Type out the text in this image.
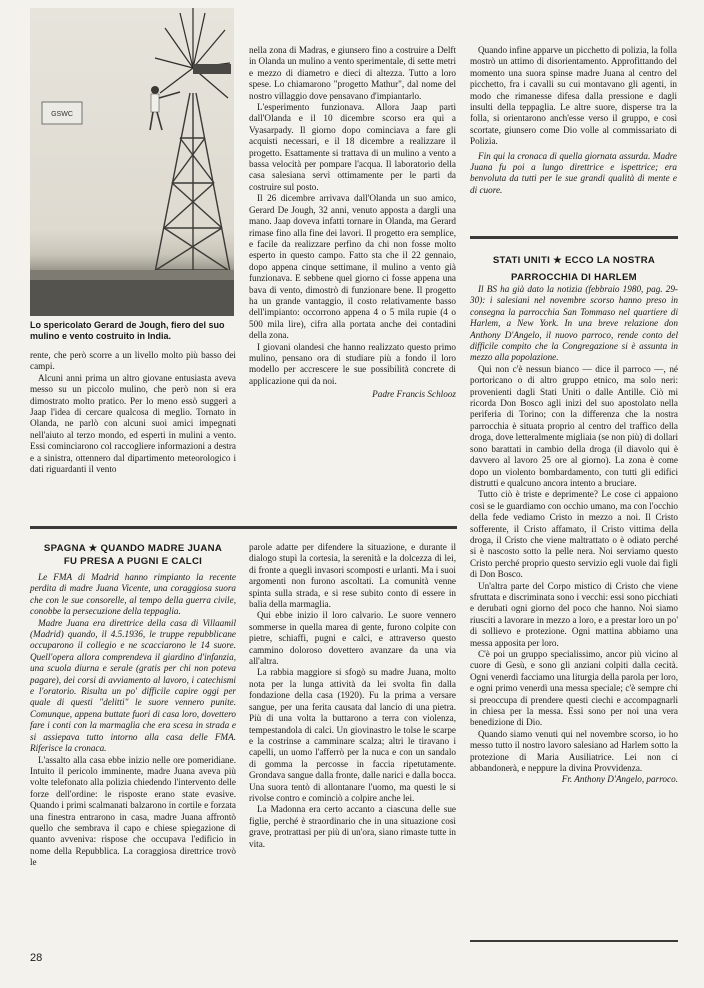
GSWC
Lo spericolato Gerard de Jough, fiero del suo mulino e vento costruito in India.

rente, che però scorre a un livello molto più basso dei campi.

Alcuni anni prima un altro giovane entusiasta aveva messo su un piccolo mulino, che però non si era dimostrato molto pratico. Per lo meno essò suggerì a Jaap l'idea di cercare qualcosa di meglio. Tornato in Olanda, ne parlò con alcuni suoi amici impegnati nell'aiuto al terzo mondo, ed esperti in mulini a vento. Essi cominciarono col raccogliere informazioni a destra e a sinistra, ottennero dal dipartimento meteorologico i dati riguardanti il vento

nella zona di Madras, e giunsero fino a costruire a Delft in Olanda un mulino a vento sperimentale, di sette metri e mezzo di diametro e dieci di altezza. Tutto a loro spese. Lo chiamarono "progetto Mathur", dal nome del nostro villaggio dove pensavano d'impiantarlo.

L'esperimento funzionava. Allora Jaap partì dall'Olanda e il 10 dicembre scorso era qui a Vyasarpady. Il giorno dopo cominciava a fare gli acquisti necessari, e il 18 dicembre a realizzare il progetto. Esattamente si trattava di un mulino a vento a bassa velocità per pompare l'acqua. Il laboratorio della casa salesiana servì ottimamente per le parti da costruire sul posto.

Il 26 dicembre arrivava dall'Olanda un suo amico, Gerard De Jough, 32 anni, venuto apposta a dargli una mano. Jaap doveva infatti tornare in Olanda, ma Gerard rimase fino alla fine dei lavori. Il progetto era semplice, e facile da realizzare perfino da chi non fosse molto esperto in questo campo. Fatto sta che il 22 gennaio, dopo appena cinque settimane, il mulino a vento già funzionava. E sebbene quel giorno ci fosse appena una bava di vento, dimostrò di funzionare bene. Il progetto ha un grande vantaggio, il costo relativamente basso dell'impianto: occorrono appena 4 o 5 mila rupie (4 o 500 mila lire), cifra alla portata anche dei contadini della zona.

I giovani olandesi che hanno realizzato questo primo mulino, pensano ora di studiare più a fondo il loro modello per accrescere le sue possibilità concrete di applicazione qui da noi.

Padre Francis Schlooz

Quando infine apparve un picchetto di polizia, la folla mostrò un attimo di disorientamento. Approfittando del momento una suora spinse madre Juana al centro del picchetto, fra i cavalli su cui montavano gli agenti, in modo che rimanesse difesa dalla pressione e dagli insulti della teppaglia. Le altre suore, disperse tra la folla, si orientarono anch'esse verso il gruppo, e così scortate, giunsero come Dio volle al commissariato di Polizia.

Fin qui la cronaca di quella giornata assurda. Madre Juana fu poi a lungo direttrice e ispettrice; era benvoluta da tutti per le sue grandi qualità di mente e di cuore.

SPAGNA ★ QUANDO MADRE JUANA
FU PRESA A PUGNI E CALCI

Le FMA di Madrid hanno rimpianto la recente perdita di madre Juana Vicente, una coraggiosa suora che con le sue consorelle, al tempo della guerra civile, conobbe la persecuzione della teppaglia.

Madre Juana era direttrice della casa di Villaamil (Madrid) quando, il 4.5.1936, le truppe repubblicane occuparono il collegio e ne scacciarono le 14 suore. Quell'opera allora comprendeva il giardino d'infanzia, una scuola diurna e serale (gratis per chi non poteva pagare), dei corsi di avviamento al lavoro, i catechismi e l'oratorio. Risulta un po' difficile capire oggi per quale di questi "delitti" le suore vennero punite. Comunque, appena buttate fuori di casa loro, dovettero fare i conti con la marmaglia che era scesa in strada e si assiepava tutto intorno alla casa delle FMA. Riferisce la cronaca.

L'assalto alla casa ebbe inizio nelle ore pomeridiane. Intuito il pericolo imminente, madre Juana aveva più volte telefonato alla polizia chiedendo l'intervento delle forze dell'ordine: le risposte erano state evasive. Quando i primi scalmanati balzarono in cortile e forzata una finestra entrarono in casa, madre Juana affrontò quello che sembrava il capo e chiese spiegazione di quanto avveniva: rispose che occupava l'edificio in nome della Repubblica. La coraggiosa direttrice trovò le

parole adatte per difendere la situazione, e durante il dialogo stupì la cortesia, la serenità e la dolcezza di lei, di fronte a quegli invasori scomposti e urlanti. Ma i suoi argomenti non furono ascoltati. La comunità venne spinta sulla strada, e si rese subito conto di essere in balìa della marmaglia.

Qui ebbe inizio il loro calvario. Le suore vennero sommerse in quella marea di gente, furono colpite con pietre, schiaffi, pugni e calci, e attraverso questo cammino doloroso dovettero avanzare da una via all'altra.

La rabbia maggiore si sfogò su madre Juana, molto nota per la lunga attività da lei svolta fin dalla fondazione della casa (1920). Fu la prima a versare sangue, per una ferita causata dal lancio di una pietra. Più di una volta la buttarono a terra con violenza, tempestandola di calci. Un giovinastro le tolse le scarpe e la costrinse a camminare scalza; altri le tiravano i capelli, un uomo l'afferrò per la nuca e con un sandalo di gomma la percosse in faccia ripetutamente. Grondava sangue dalla fronte, dalle narici e dalla bocca. Una suora tentò di allontanare l'uomo, ma questi le si rivolse contro e cominciò a colpire anche lei.

La Madonna era certo accanto a ciascuna delle sue figlie, perché è straordinario che in una situazione così grave, protrattasi per più di un'ora, siano rimaste tutte in vita.

STATI UNITI ★ ECCO LA NOSTRA
PARROCCHIA DI HARLEM

Il BS ha già dato la notizia (febbraio 1980, pag. 29-30): i salesiani nel novembre scorso hanno preso in consegna la parrocchia San Tommaso nel quartiere di Harlem, a New York. In una breve relazione don Anthony D'Angelo, il nuovo parroco, rende conto del difficile compito che la Congregazione si è assunta in mezzo alla popolazione.

Qui non c'è nessun bianco — dice il parroco —, né portoricano o di altro gruppo etnico, ma solo neri: provenienti dagli Stati Uniti o dalle Antille. Ciò mi ricorda Don Bosco agli inizi del suo apostolato nella periferia di Torino; con la differenza che la nostra parrocchia è situata proprio al centro del traffico della droga, dove letteralmente migliaia (se non più) di dollari sono barattati in cambio della droga (il diavolo qui è davvero al lavoro 25 ore al giorno). La zona è come dopo un violento bombardamento, con tutti gli edifici distrutti e qualcuno ancora intento a bruciare.

Tutto ciò è triste e deprimente? Le cose ci appaiono così se le guardiamo con occhio umano, ma con l'occhio della fede vediamo Cristo in mezzo a noi. Il Cristo sofferente, il Cristo affamato, il Cristo vittima della droga, il Cristo che viene maltrattato o è odiato perché si è nascosto sotto la pelle nera. Noi serviamo questo Cristo perché proprio questo servizio egli vuole dai figli di Don Bosco.

Un'altra parte del Corpo mistico di Cristo che viene sfruttata e discriminata sono i vecchi: essi sono picchiati e derubati ogni giorno del poco che hanno. Noi siamo riusciti a lavorare in mezzo a loro, e a prestar loro un po' di sollievo e protezione. Ogni mattina abbiamo una messa apposita per loro.

C'è poi un gruppo specialissimo, ancor più vicino al cuore di Gesù, e sono gli anziani colpiti dalla cecità. Ogni venerdì facciamo una liturgia della parola per loro, e ogni primo venerdì una messa speciale; c'è sempre chi si preoccupa di prendere questi ciechi e accompagnarli in chiesa per la messa. Essi sono per noi una vera benedizione di Dio.

Quando siamo venuti qui nel novembre scorso, io ho messo tutto il nostro lavoro salesiano ad Harlem sotto la protezione di Maria Ausiliatrice. Lei non ci abbandonerà, e neppure la divina Provvidenza.

Fr. Anthony D'Angelo, parroco.
28
